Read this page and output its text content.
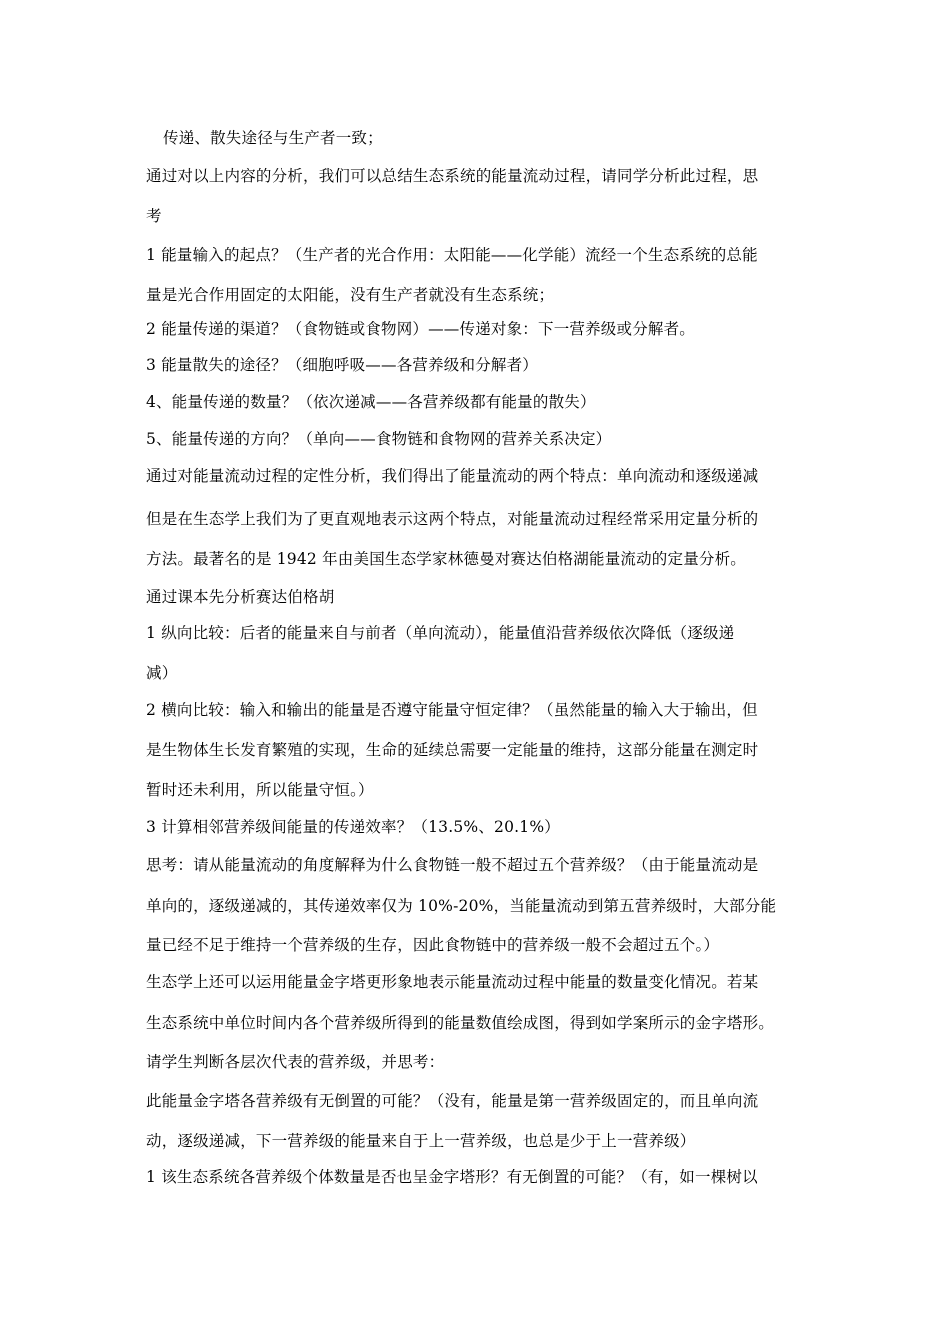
传递、散失途径与生产者一致；
通过对以上内容的分析，我们可以总结生态系统的能量流动过程，请同学分析此过程，思
考
1 能量输入的起点？（生产者的光合作用：太阳能——化学能）流经一个生态系统的总能
量是光合作用固定的太阳能，没有生产者就没有生态系统；
2 能量传递的渠道？（食物链或食物网）——传递对象：下一营养级或分解者。
3 能量散失的途径？（细胞呼吸——各营养级和分解者）
4、能量传递的数量？（依次递减——各营养级都有能量的散失）
5、能量传递的方向？（单向——食物链和食物网的营养关系决定）
通过对能量流动过程的定性分析，我们得出了能量流动的两个特点：单向流动和逐级递减
但是在生态学上我们为了更直观地表示这两个特点，对能量流动过程经常采用定量分析的
方法。最著名的是 1942 年由美国生态学家林德曼对赛达伯格湖能量流动的定量分析。
通过课本先分析赛达伯格胡
1 纵向比较：后者的能量来自与前者（单向流动），能量值沿营养级依次降低（逐级递
减）
2 横向比较：输入和输出的能量是否遵守能量守恒定律？（虽然能量的输入大于输出，但
是生物体生长发育繁殖的实现，生命的延续总需要一定能量的维持，这部分能量在测定时
暂时还未利用，所以能量守恒。）
3 计算相邻营养级间能量的传递效率？（13.5%、20.1%）
思考：请从能量流动的角度解释为什么食物链一般不超过五个营养级？（由于能量流动是
单向的，逐级递减的，其传递效率仅为 10%-20%，当能量流动到第五营养级时，大部分能
量已经不足于维持一个营养级的生存，因此食物链中的营养级一般不会超过五个。）
生态学上还可以运用能量金字塔更形象地表示能量流动过程中能量的数量变化情况。若某
生态系统中单位时间内各个营养级所得到的能量数值绘成图，得到如学案所示的金字塔形。
请学生判断各层次代表的营养级，并思考：
此能量金字塔各营养级有无倒置的可能？（没有，能量是第一营养级固定的，而且单向流
动，逐级递减，下一营养级的能量来自于上一营养级，也总是少于上一营养级）
1 该生态系统各营养级个体数量是否也呈金字塔形？有无倒置的可能？（有，如一棵树以
